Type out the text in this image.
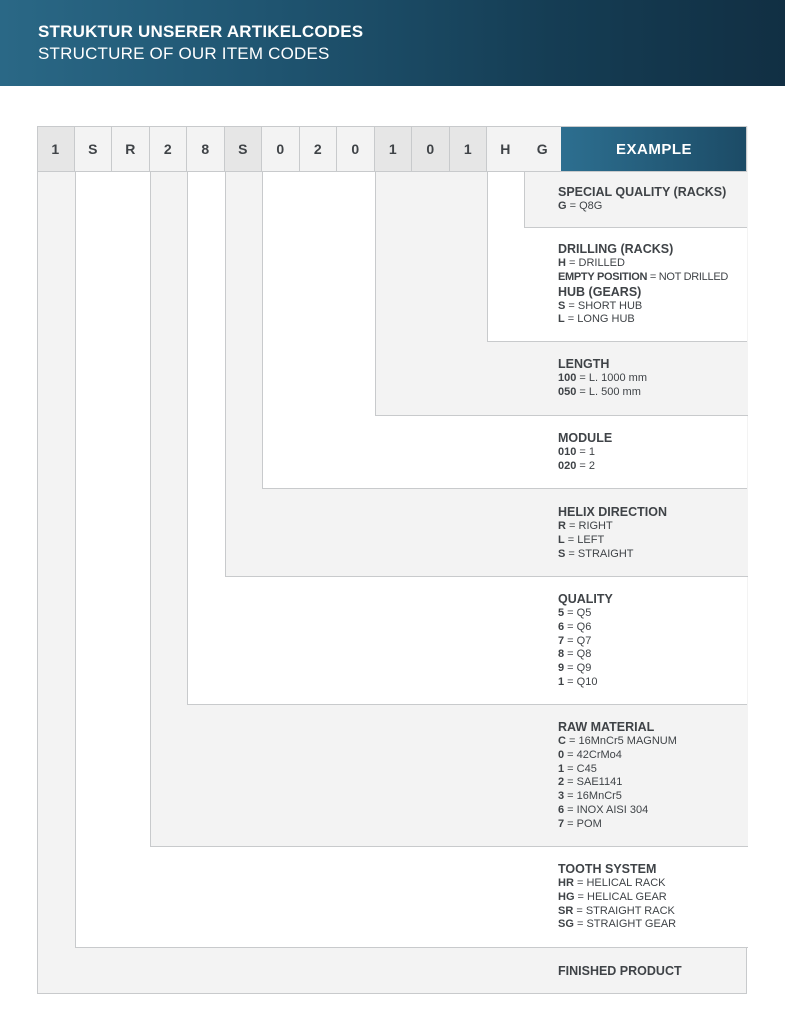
STRUKTUR UNSERER ARTIKELCODES
STRUCTURE OF OUR ITEM CODES
1	S	R	2	8	S	0	2	0	1	0	1	H	G	EXAMPLE
SPECIAL QUALITY (RACKS)
G = Q8G
DRILLING (RACKS)
H = DRILLED
EMPTY POSITION = NOT DRILLED
HUB (GEARS)
S = SHORT HUB
L = LONG HUB
LENGTH
100 = L. 1000 mm
050 = L. 500 mm
MODULE
010 = 1
020 = 2
HELIX DIRECTION
R = RIGHT
L = LEFT
S = STRAIGHT
QUALITY
5 = Q5
6 = Q6
7 = Q7
8 = Q8
9 = Q9
1 = Q10
RAW MATERIAL
C = 16MnCr5 MAGNUM
0 = 42CrMo4
1 = C45
2 = SAE1141
3 = 16MnCr5
6 = INOX AISI 304
7 = POM
TOOTH SYSTEM
HR = HELICAL RACK
HG = HELICAL GEAR
SR = STRAIGHT RACK
SG = STRAIGHT GEAR
FINISHED PRODUCT
